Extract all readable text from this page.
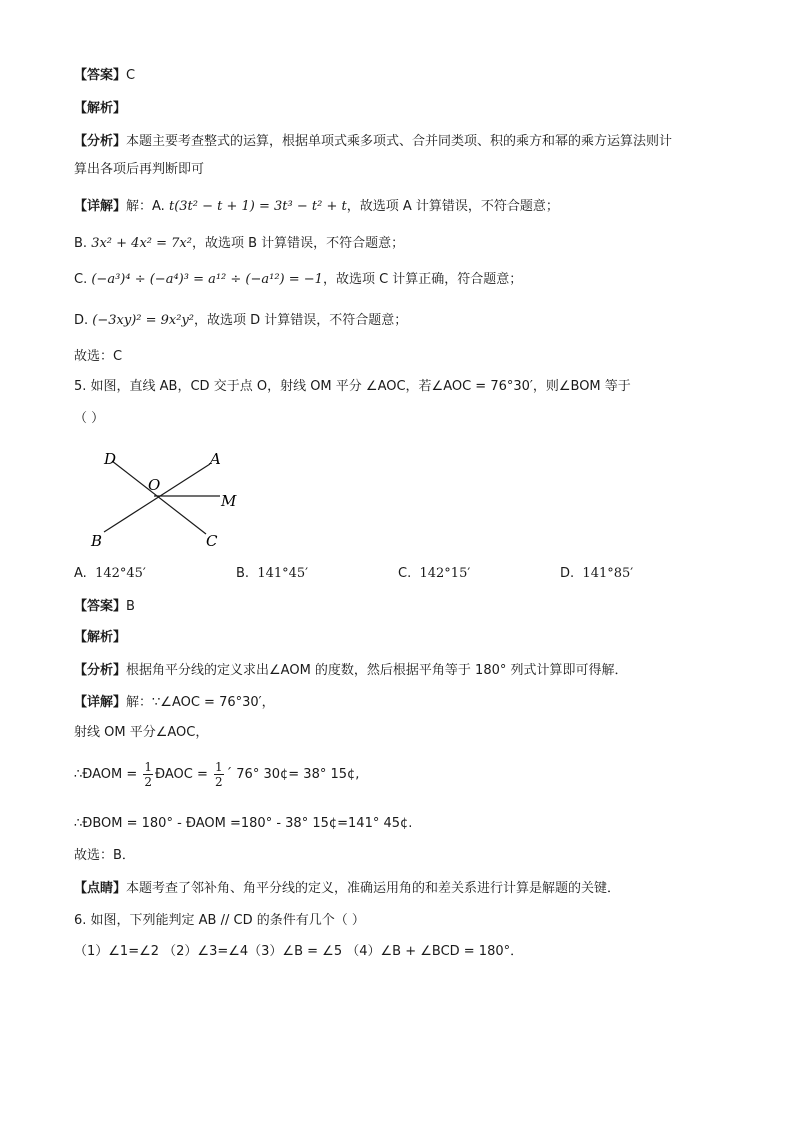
【答案】C
【解析】
【分析】本题主要考查整式的运算，根据单项式乘多项式、合并同类项、积的乘方和幂的乘方运算法则计
算出各项后再判断即可
【详解】解：A. t(3t² − t + 1) = 3t³ − t² + t，故选项 A 计算错误，不符合题意；
B. 3x² + 4x² = 7x²，故选项 B 计算错误，不符合题意；
C. (−a³)⁴ ÷ (−a⁴)³ = a¹² ÷ (−a¹²) = −1，故选项 C 计算正确，符合题意；
D. (−3xy)² = 9x²y²，故选项 D 计算错误，不符合题意；
故选：C
5. 如图，直线 AB，CD 交于点 O，射线 OM 平分 ∠AOC，若∠AOC = 76°30′，则∠BOM 等于
（ ）
D	A
O
M
B	C
A. 142°45′	B. 141°45′	C. 142°15′	D. 141°85′
【答案】B
【解析】
【分析】根据角平分线的定义求出∠AOM 的度数，然后根据平角等于 180° 列式计算即可得解．
【详解】解：∵∠AOC = 76°30′，
射线 OM 平分∠AOC，
∴ÐAOM = $\frac{1}{2}$ ÐAOC = $\frac{1}{2}$ ´ 76° 30¢= 38° 15¢,
∴ÐBOM = 180° - ÐAOM =180° - 38° 15¢=141° 45¢.
故选：B．
【点睛】本题考查了邻补角、角平分线的定义，准确运用角的和差关系进行计算是解题的关键．
6. 如图，下列能判定 AB // CD 的条件有几个（ ）
（1）∠1=∠2 （2）∠3=∠4（3）∠B = ∠5 （4）∠B + ∠BCD = 180°．
